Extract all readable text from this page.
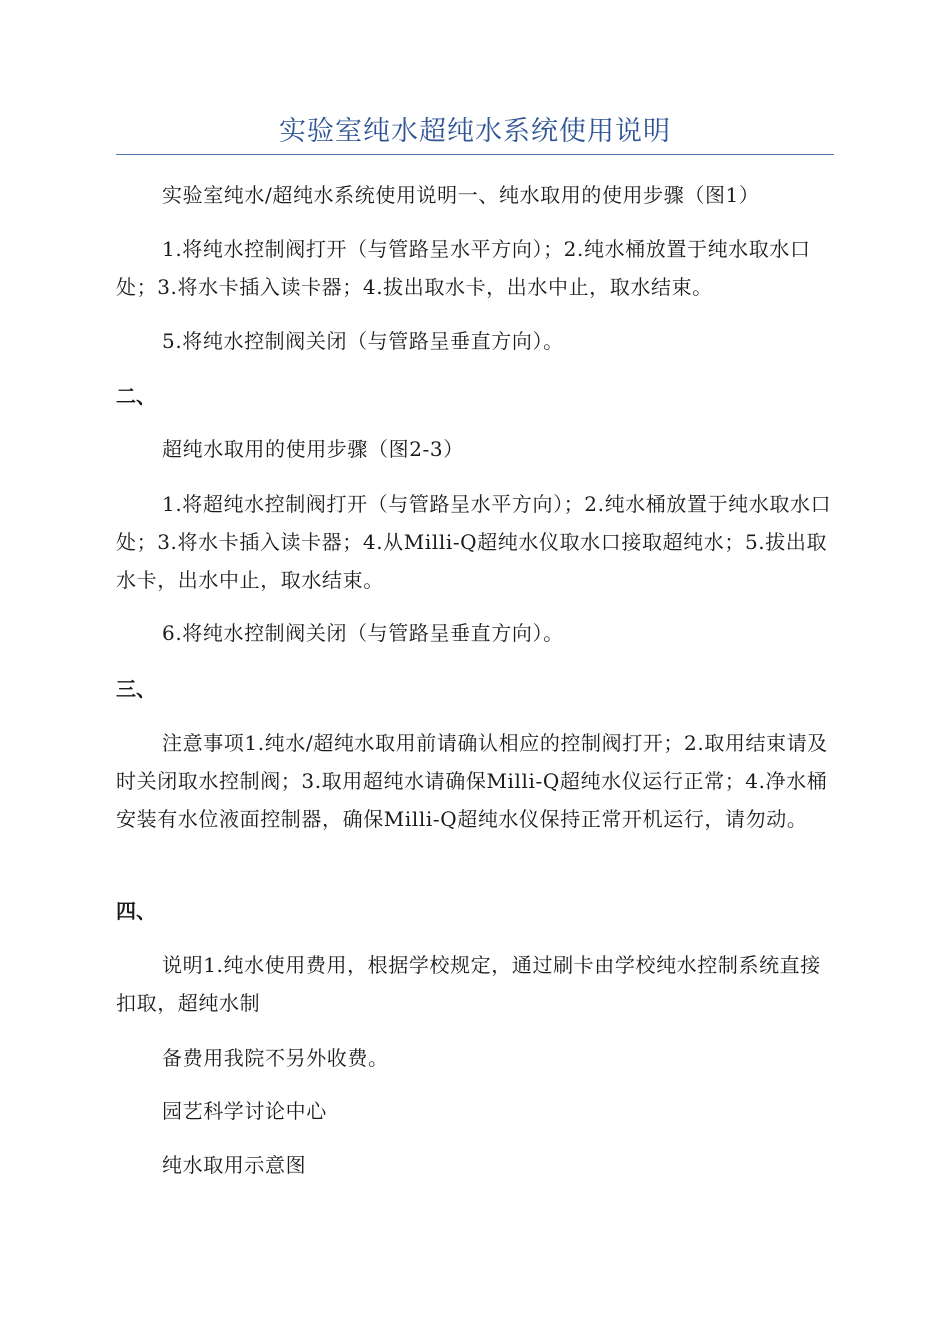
实验室纯水超纯水系统使用说明

实验室纯水/超纯水系统使用说明一、纯水取用的使用步骤（图1）

1.将纯水控制阀打开（与管路呈水平方向）；2.纯水桶放置于纯水取水口处；3.将水卡插入读卡器；4.拔出取水卡，出水中止，取水结束。

5.将纯水控制阀关闭（与管路呈垂直方向）。

二、

超纯水取用的使用步骤（图2-3）

1.将超纯水控制阀打开（与管路呈水平方向）；2.纯水桶放置于纯水取水口处；3.将水卡插入读卡器；4.从Milli-Q超纯水仪取水口接取超纯水；5.拔出取水卡，出水中止，取水结束。

6.将纯水控制阀关闭（与管路呈垂直方向）。

三、

注意事项1.纯水/超纯水取用前请确认相应的控制阀打开；2.取用结束请及时关闭取水控制阀；3.取用超纯水请确保Milli-Q超纯水仪运行正常；4.净水桶安装有水位液面控制器，确保Milli-Q超纯水仪保持正常开机运行，请勿动。

四、

说明1.纯水使用费用，根据学校规定，通过刷卡由学校纯水控制系统直接扣取，超纯水制

备费用我院不另外收费。

园艺科学讨论中心

纯水取用示意图
